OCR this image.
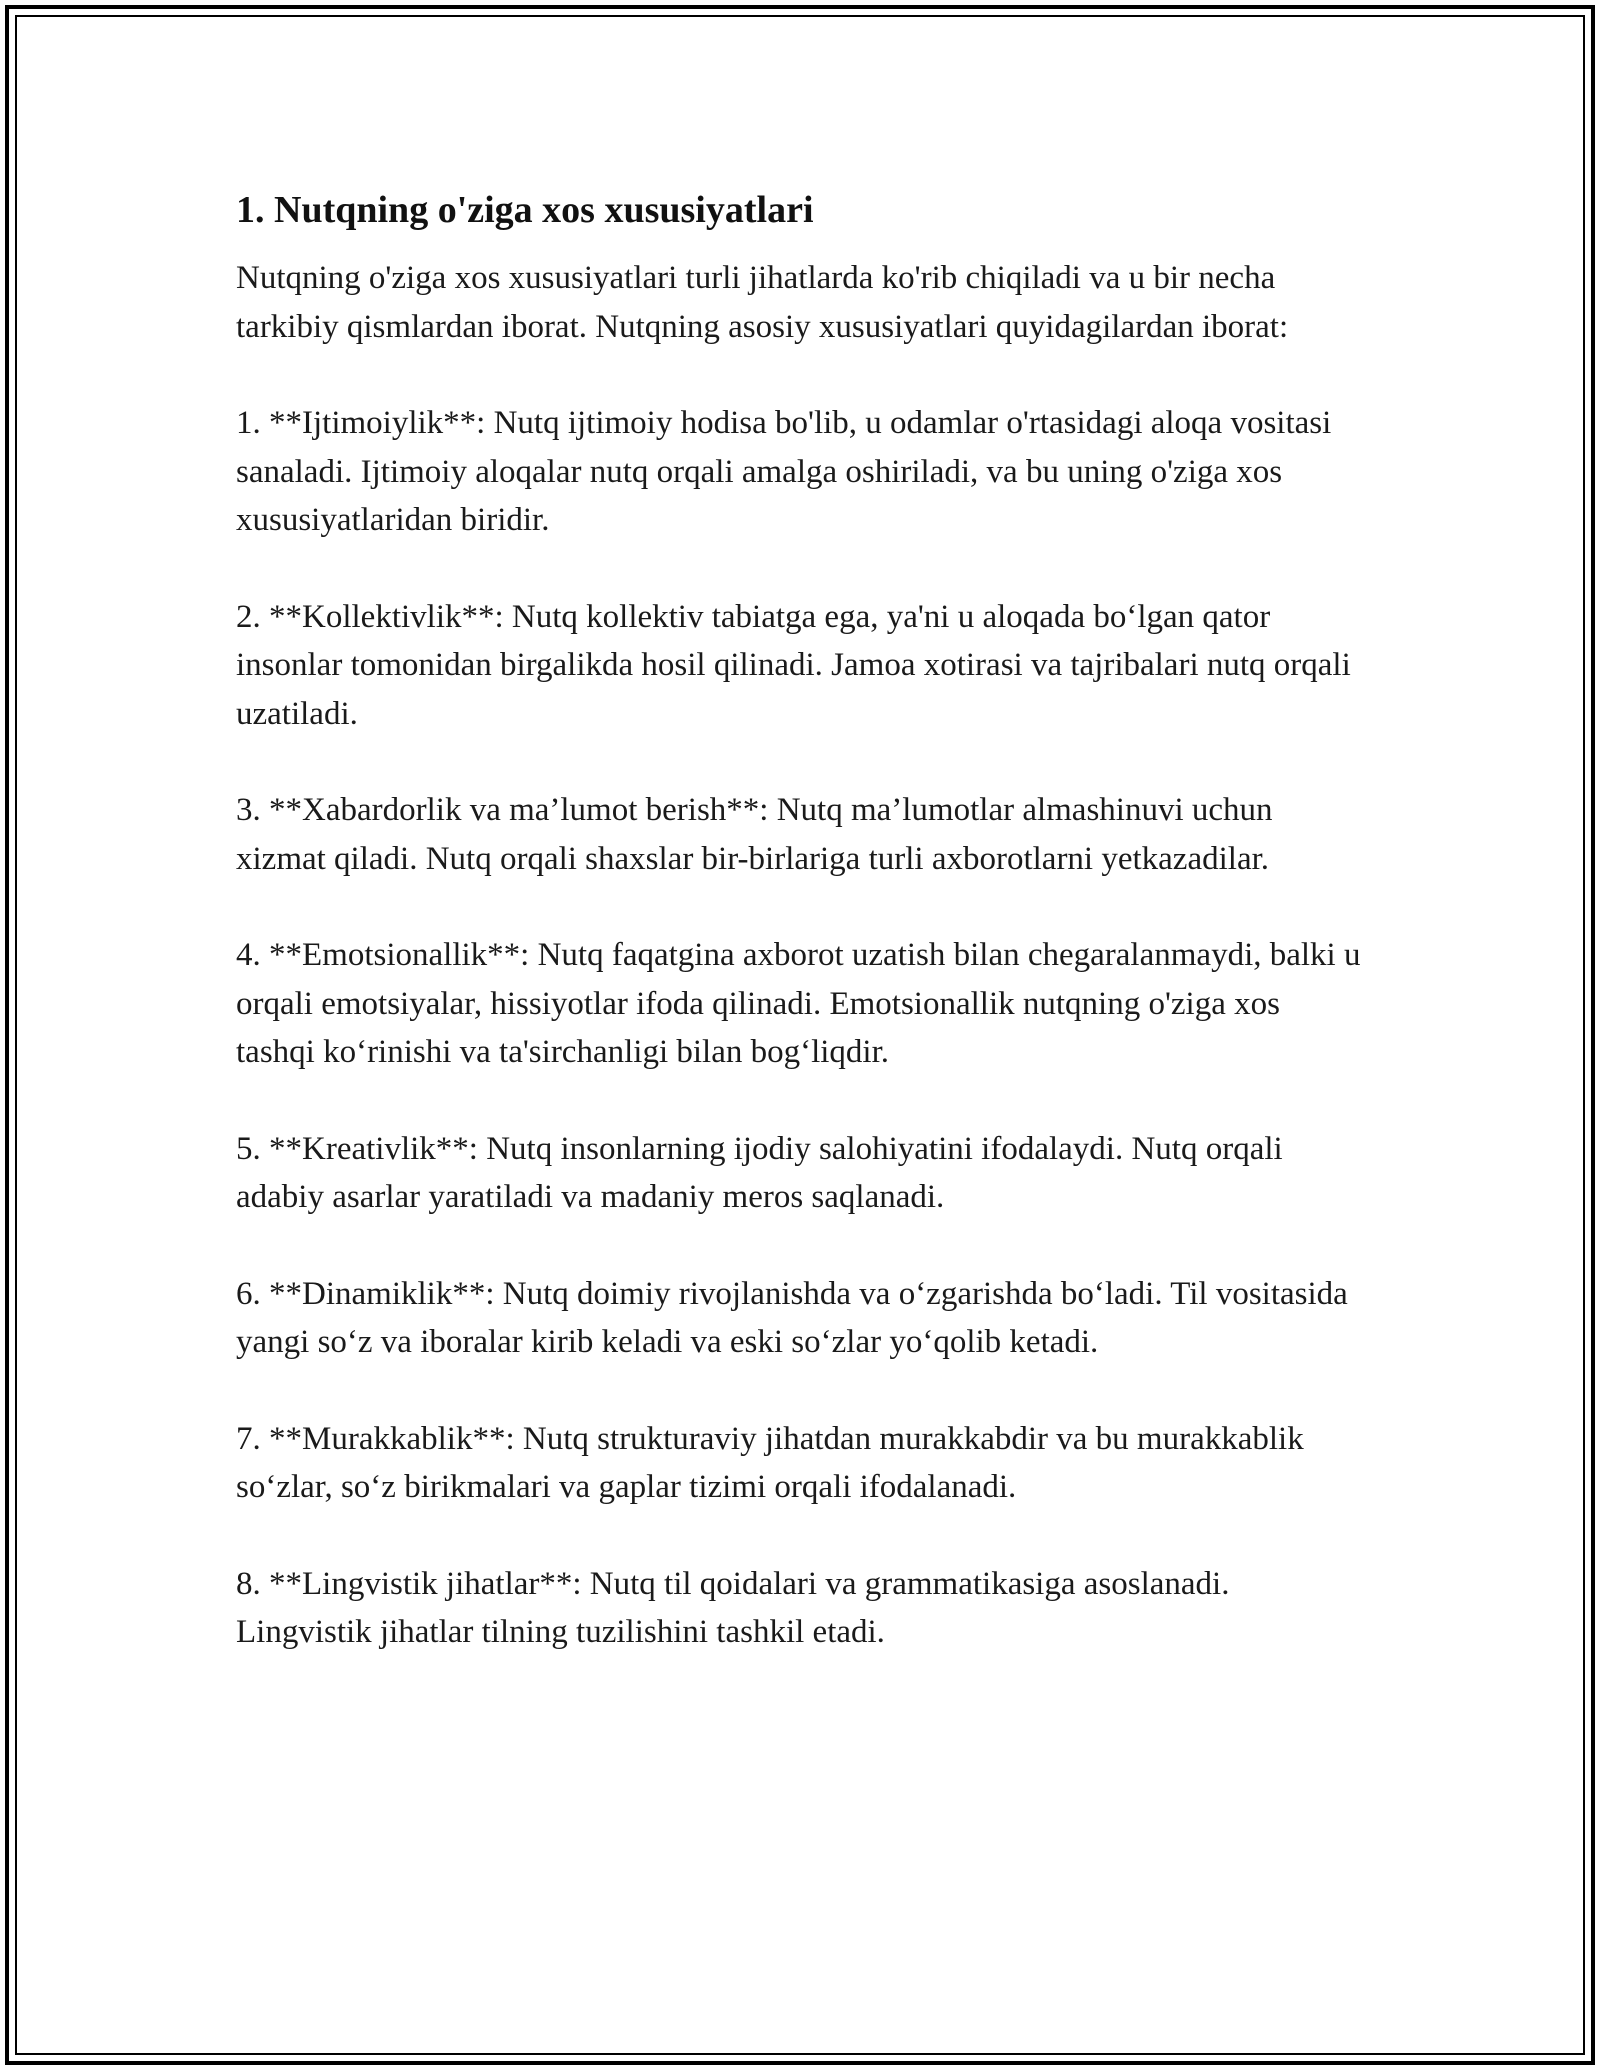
1. Nutqning o'ziga xos xususiyatlari

Nutqning o'ziga xos xususiyatlari turli jihatlarda ko'rib chiqiladi va u bir necha tarkibiy qismlardan iborat. Nutqning asosiy xususiyatlari quyidagilardan iborat:

1. **Ijtimoiylik**: Nutq ijtimoiy hodisa bo'lib, u odamlar o'rtasidagi aloqa vositasi sanaladi. Ijtimoiy aloqalar nutq orqali amalga oshiriladi, va bu uning o'ziga xos xususiyatlaridan biridir.

2. **Kollektivlik**: Nutq kollektiv tabiatga ega, ya'ni u aloqada bo‘lgan qator insonlar tomonidan birgalikda hosil qilinadi. Jamoa xotirasi va tajribalari nutq orqali uzatiladi.

3. **Xabardorlik va ma’lumot berish**: Nutq ma’lumotlar almashinuvi uchun xizmat qiladi. Nutq orqali shaxslar bir-birlariga turli axborotlarni yetkazadilar.

4. **Emotsionallik**: Nutq faqatgina axborot uzatish bilan chegaralanmaydi, balki u orqali emotsiyalar, hissiyotlar ifoda qilinadi. Emotsionallik nutqning o'ziga xos tashqi ko‘rinishi va ta'sirchanligi bilan bog‘liqdir.

5. **Kreativlik**: Nutq insonlarning ijodiy salohiyatini ifodalaydi. Nutq orqali adabiy asarlar yaratiladi va madaniy meros saqlanadi.

6. **Dinamiklik**: Nutq doimiy rivojlanishda va o‘zgarishda bo‘ladi. Til vositasida yangi so‘z va iboralar kirib keladi va eski so‘zlar yo‘qolib ketadi.

7. **Murakkablik**: Nutq strukturaviy jihatdan murakkabdir va bu murakkablik so‘zlar, so‘z birikmalari va gaplar tizimi orqali ifodalanadi.

8. **Lingvistik jihatlar**: Nutq til qoidalari va grammatikasiga asoslanadi. Lingvistik jihatlar tilning tuzilishini tashkil etadi.
